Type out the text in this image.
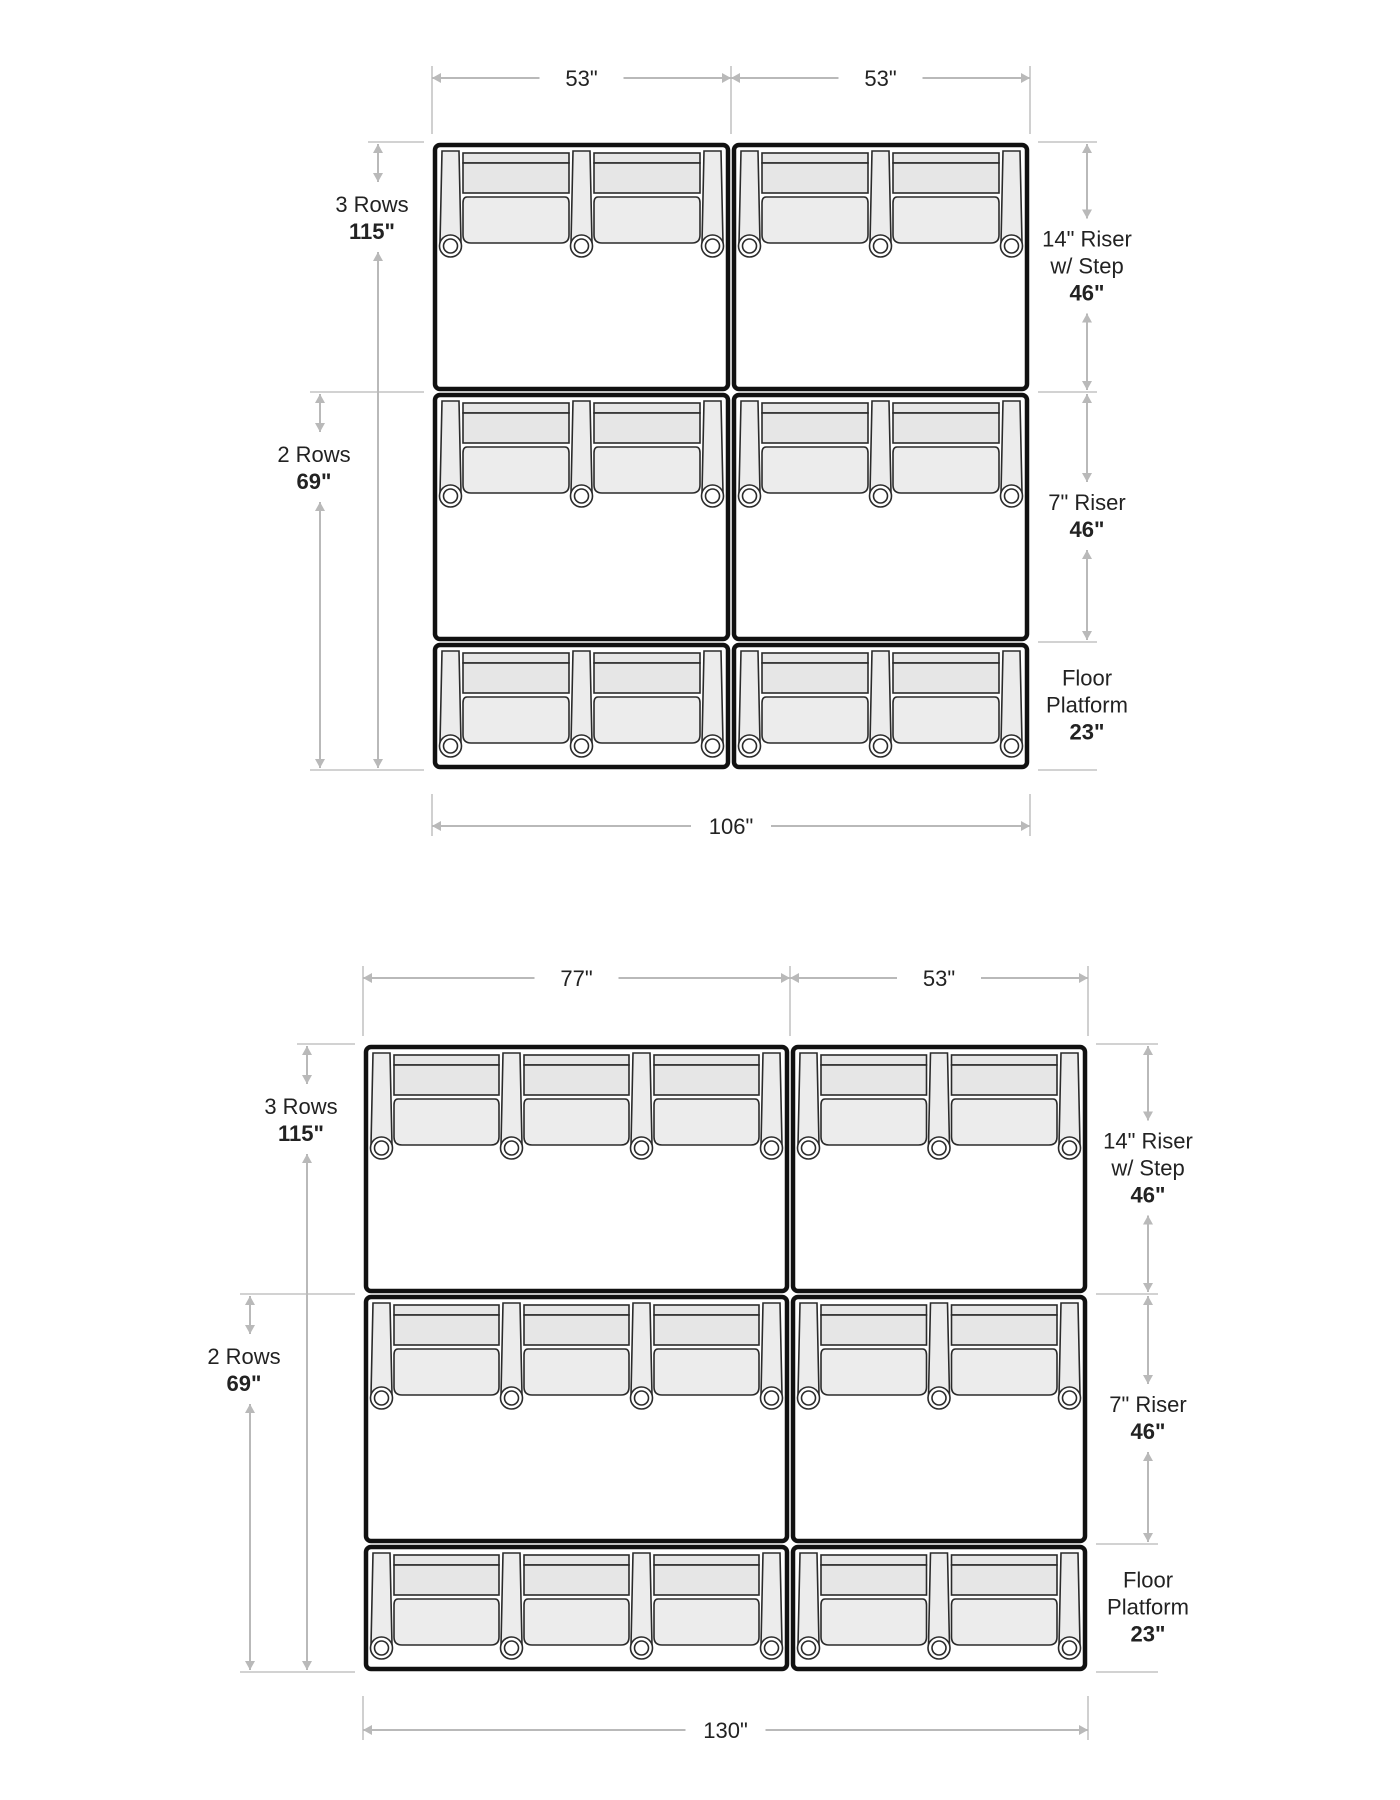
53"	53"
106"
14" Riser
w/ Step
46"
7" Riser
46"
Floor
Platform
23"
3 Rows
115"
2 Rows
69"
77"	53"
130"
14" Riser
w/ Step
46"
7" Riser
46"
Floor
Platform
23"
3 Rows
115"
2 Rows
69"
